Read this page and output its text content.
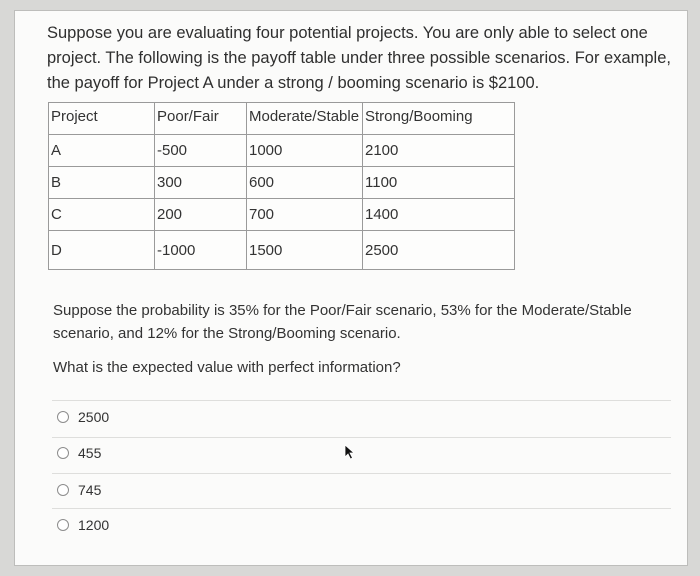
Suppose you are evaluating four potential projects. You are only able to select one project. The following is the payoff table under three possible scenarios. For example, the payoff for Project A under a strong / booming scenario is $2100.

Project	Poor/Fair	Moderate/Stable	Strong/Booming
A	-500	1000	2100
B	300	600	1100
C	200	700	1400
D	-1000	1500	2500

Suppose the probability is 35% for the Poor/Fair scenario, 53% for the Moderate/Stable scenario, and 12% for the Strong/Booming scenario.

What is the expected value with perfect information?

2500
455
745
1200
